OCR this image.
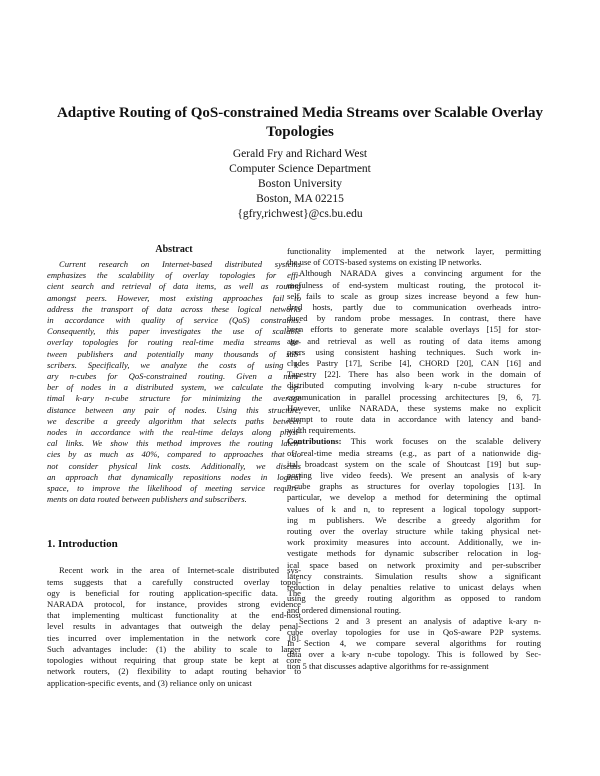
Adaptive Routing of QoS-constrained Media Streams over Scalable Overlay
Topologies
Gerald Fry and Richard West
Computer Science Department
Boston University
Boston, MA 02215
{gfry,richwest}@cs.bu.edu
Abstract
Current research on Internet-based distributed systems
emphasizes the scalability of overlay topologies for effi-
cient search and retrieval of data items, as well as routing
amongst peers. However, most existing approaches fail to
address the transport of data across these logical networks
in accordance with quality of service (QoS) constraints.
Consequently, this paper investigates the use of scalable
overlay topologies for routing real-time media streams be-
tween publishers and potentially many thousands of sub-
scribers. Specifically, we analyze the costs of using k-
ary n-cubes for QoS-constrained routing. Given a num-
ber of nodes in a distributed system, we calculate the op-
timal k-ary n-cube structure for minimizing the average
distance between any pair of nodes. Using this structure,
we describe a greedy algorithm that selects paths between
nodes in accordance with the real-time delays along physi-
cal links. We show this method improves the routing laten-
cies by as much as 40%, compared to approaches that do
not consider physical link costs. Additionally, we discuss
an approach that dynamically repositions nodes in logical
space, to improve the likelihood of meeting service require-
ments on data routed between publishers and subscribers.
1. Introduction
Recent work in the area of Internet-scale distributed sys-
tems suggests that a carefully constructed overlay topol-
ogy is beneficial for routing application-specific data. The
NARADA protocol, for instance, provides strong evidence
that implementing multicast functionality at the end-host
level results in advantages that outweigh the delay penal-
ties incurred over implementation in the network core [8].
Such advantages include: (1) the ability to scale to larger
topologies without requiring that group state be kept at core
network routers, (2) flexibility to adapt routing behavior to
application-specific events, and (3) reliance only on unicast
functionality implemented at the network layer, permitting
the use of COTS-based systems on existing IP networks.
Although NARADA gives a convincing argument for the
usefulness of end-system multicast routing, the protocol it-
self fails to scale as group sizes increase beyond a few hun-
dred hosts, partly due to communication overheads intro-
duced by random probe messages. In contrast, there have
been efforts to generate more scalable overlays [15] for stor-
age and retrieval as well as routing of data items among
peers using consistent hashing techniques. Such work in-
cludes Pastry [17], Scribe [4], CHORD [20], CAN [16] and
Tapestry [22]. There has also been work in the domain of
distributed computing involving k-ary n-cube structures for
communication in parallel processing architectures [9, 6, 7].
However, unlike NARADA, these systems make no explicit
attempt to route data in accordance with latency and band-
width requirements.
Contributions: This work focuses on the scalable delivery
of real-time media streams (e.g., as part of a nationwide dig-
ital broadcast system on the scale of Shoutcast [19] but sup-
porting live video feeds). We present an analysis of k-ary
n-cube graphs as structures for overlay topologies [13]. In
particular, we develop a method for determining the optimal
values of k and n, to represent a logical topology support-
ing m publishers. We describe a greedy algorithm for
routing over the overlay structure while taking physical net-
work proximity measures into account. Additionally, we in-
vestigate methods for dynamic subscriber relocation in log-
ical space based on network proximity and per-subscriber
latency constraints. Simulation results show a significant
reduction in delay penalties relative to unicast delays when
using the greedy routing algorithm as opposed to random
and ordered dimensional routing.
Sections 2 and 3 present an analysis of adaptive k-ary n-
cube overlay topologies for use in QoS-aware P2P systems.
In Section 4, we compare several algorithms for routing
data over a k-ary n-cube topology. This is followed by Sec-
tion 5 that discusses adaptive algorithms for re-assignment
